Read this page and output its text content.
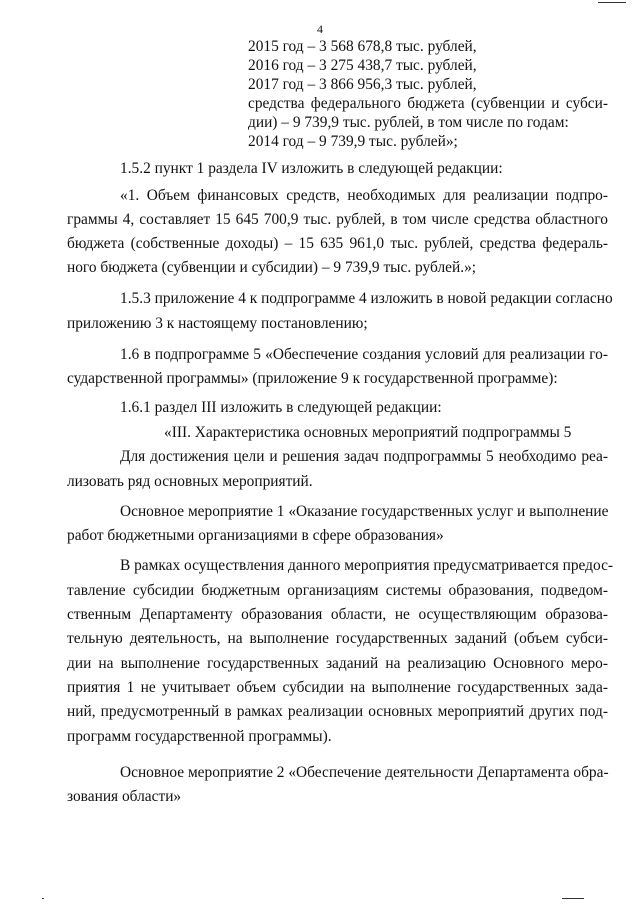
4
2015 год – 3 568 678,8 тыс. рублей,
2016 год – 3 275 438,7 тыс. рублей,
2017 год – 3 866 956,3 тыс. рублей,
средства федерального бюджета (субвенции и субси-
дии) – 9 739,9 тыс. рублей, в том числе по годам:
2014 год – 9 739,9 тыс. рублей»;
1.5.2 пункт 1 раздела IV изложить в следующей редакции:
«1. Объем финансовых средств, необходимых для реализации подпро-
граммы 4, составляет 15 645 700,9 тыс. рублей, в том числе средства областного
бюджета (собственные доходы) – 15 635 961,0 тыс. рублей, средства федераль-
ного бюджета (субвенции и субсидии) – 9 739,9 тыс. рублей.»;
1.5.3 приложение 4 к подпрограмме 4 изложить в новой редакции согласно
приложению 3 к настоящему постановлению;
1.6 в подпрограмме 5 «Обеспечение создания условий для реализации го-
сударственной программы» (приложение 9 к государственной программе):
1.6.1 раздел III изложить в следующей редакции:
«III. Характеристика основных мероприятий подпрограммы 5
Для достижения цели и решения задач подпрограммы 5 необходимо реа-
лизовать ряд основных мероприятий.
Основное мероприятие 1 «Оказание государственных услуг и выполнение
работ бюджетными организациями в сфере образования»
В рамках осуществления данного мероприятия предусматривается предос-
тавление субсидии бюджетным организациям системы образования, подведом-
ственным Департаменту образования области, не осуществляющим образова-
тельную деятельность, на выполнение государственных заданий (объем субси-
дии на выполнение государственных заданий на реализацию Основного меро-
приятия 1 не учитывает объем субсидии на выполнение государственных зада-
ний, предусмотренный в рамках реализации основных мероприятий других под-
программ государственной программы).
Основное мероприятие 2 «Обеспечение деятельности Департамента обра-
зования области»
